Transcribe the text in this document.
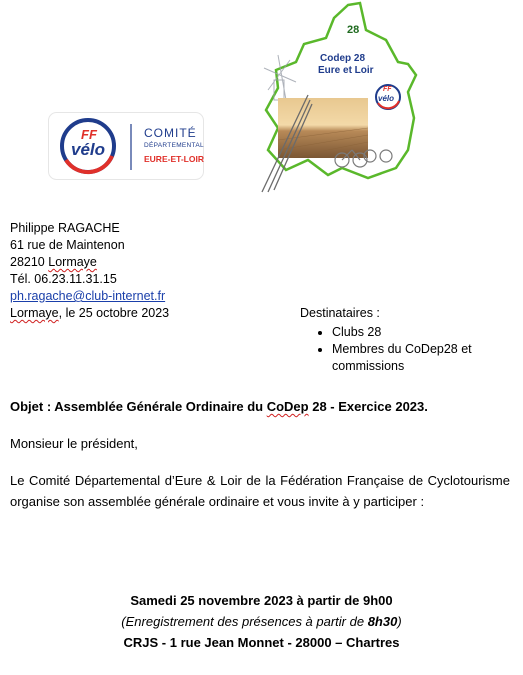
FF
vélo
COMITÉ
DÉPARTEMENTAL
EURE-ET-LOIR
28
Codep 28
Eure et Loir
FF
vélo
Philippe RAGACHE
61 rue de Maintenon
28210 Lormaye
Tél. 06.23.11.31.15
ph.ragache@club-internet.fr
Lormaye, le 25 octobre 2023	Destinataires :
• Clubs 28
• Membres du CoDep28 et commissions
Objet : Assemblée Générale Ordinaire du CoDep 28 - Exercice 2023.
Monsieur le président,
Le Comité Départemental d’Eure & Loir de la Fédération Française de Cyclotourisme organise son assemblée générale ordinaire et vous invite à y participer :
Samedi 25 novembre 2023 à partir de 9h00
(Enregistrement des présences à partir de 8h30)
CRJS - 1 rue Jean Monnet - 28000 – Chartres
